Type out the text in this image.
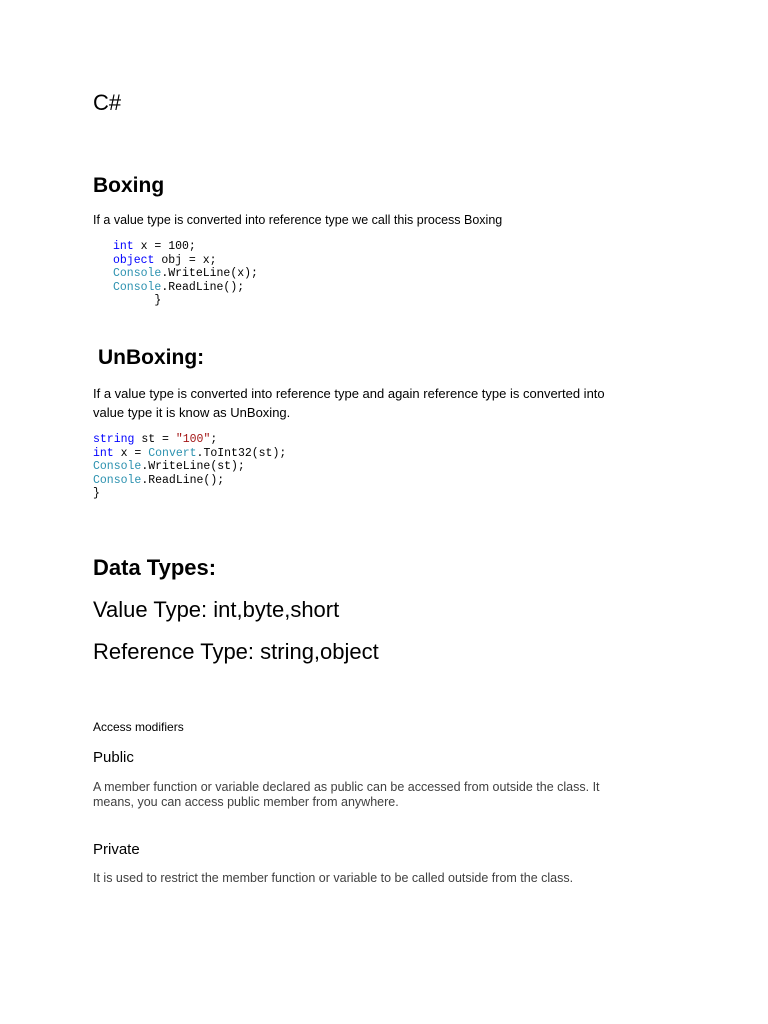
C#
Boxing
If a value type is converted into reference type we call this process Boxing
int x = 100;
object obj = x;
Console.WriteLine(x);
Console.ReadLine();
}
UnBoxing:
If a value type is converted into reference type and again reference type is converted into
value type it is know as UnBoxing.
string st = "100";
int x = Convert.ToInt32(st);
Console.WriteLine(st);
Console.ReadLine();
}
Data Types:
Value Type: int,byte,short
Reference Type: string,object
Access modifiers
Public
A member function or variable declared as public can be accessed from outside the class. It
means, you can access public member from anywhere.
Private
It is used to restrict the member function or variable to be called outside from the class.
